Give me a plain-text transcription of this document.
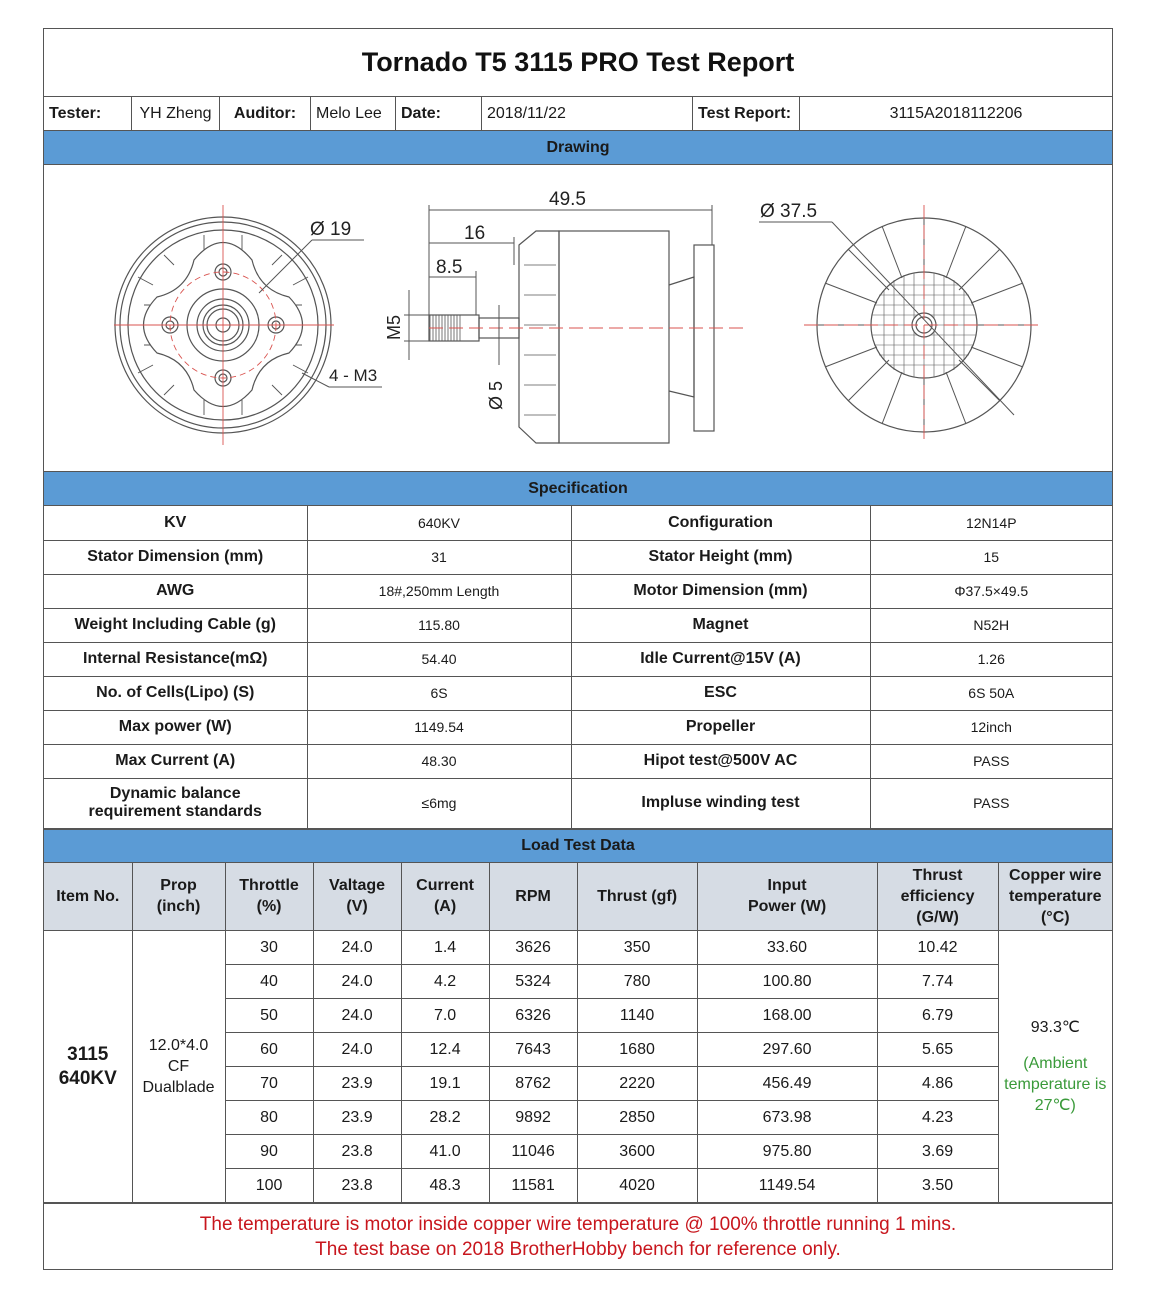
Tornado T5 3115 PRO Test Report
Tester:	YH Zheng	Auditor:	Melo Lee	Date:	2018/11/22	Test Report:	3115A2018112206
Drawing
Ø 19
4 - M3
49.5
16
8.5
M5
Ø 5
Ø 37.5
Specification
KV	640KV	Configuration	12N14P
Stator Dimension (mm)	31	Stator Height (mm)	15
AWG	18#,250mm Length	Motor Dimension (mm)	Φ37.5×49.5
Weight Including Cable (g)	115.80	Magnet	N52H
Internal Resistance(mΩ)	54.40	Idle Current@15V (A)	1.26
No. of Cells(Lipo) (S)	6S	ESC	6S 50A
Max power (W)	1149.54	Propeller	12inch
Max Current (A)	48.30	Hipot test@500V AC	PASS
Dynamic balance requirement standards	≤6mg	Impluse winding test	PASS
Load Test Data
Item No.	Prop (inch)	Throttle (%)	Valtage (V)	Current (A)	RPM	Thrust (gf)	Input Power (W)	Thrust efficiency (G/W)	Copper wire temperature (°C)
3115 640KV	12.0*4.0 CF Dualblade	30	24.0	1.4	3626	350	33.60	10.42	93.3℃
(Ambient temperature is 27℃)

		40	24.0	4.2	5324	780	100.80	7.74	
		50	24.0	7.0	6326	1140	168.00	6.79	
		60	24.0	12.4	7643	1680	297.60	5.65	
		70	23.9	19.1	8762	2220	456.49	4.86	
		80	23.9	28.2	9892	2850	673.98	4.23	
		90	23.8	41.0	11046	3600	975.80	3.69	
		100	23.8	48.3	11581	4020	1149.54	3.50	
The temperature is motor inside copper wire temperature @ 100% throttle running 1 mins.
The test base on 2018 BrotherHobby bench for reference only.
